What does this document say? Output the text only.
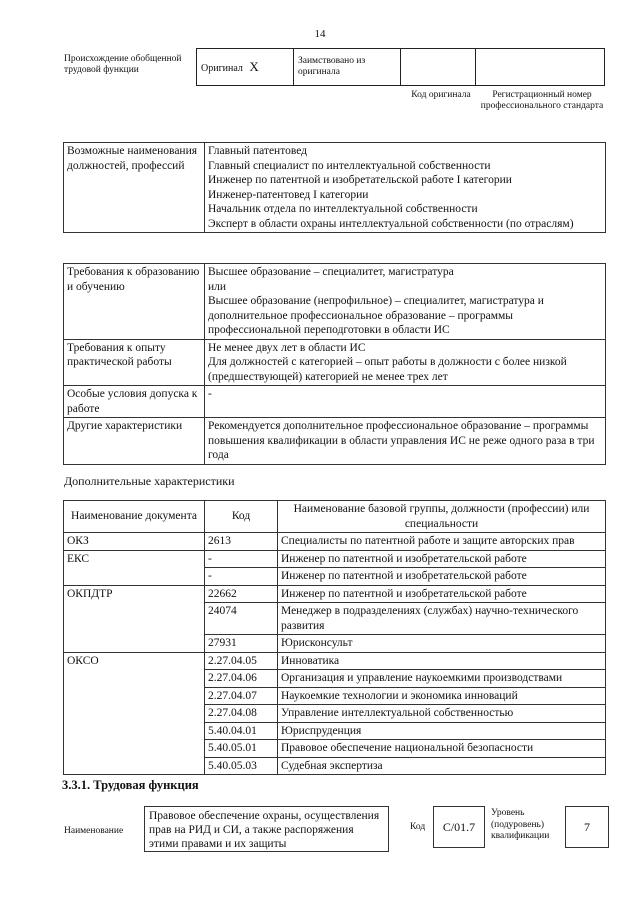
14
Происхождение обобщенной трудовой функции	Оригинал X	Заимствовано из оригинала		
Код оригинала	Регистрационный номер профессионального стандарта
Возможные наименования должностей, профессий	
Главный патентовед
Главный специалист по интеллектуальной собственности
Инженер по патентной и изобретательской работе I категории
Инженер-патентовед I категории
Начальник отдела по интеллектуальной собственности
Эксперт в области охраны интеллектуальной собственности (по отраслям)
Требования к образованию и обучению	Высшее образование – специалитет, магистратура
или
Высшее образование (непрофильное) – специалитет, магистратура и дополнительное профессиональное образование – программы профессиональной переподготовки в области ИС

Требования к опыту практической работы	Не менее двух лет в области ИС
Для должностей с категорией – опыт работы в должности с более низкой (предшествующей) категорией не менее трех лет

Особые условия допуска к работе	-
Другие характеристики	Рекомендуется дополнительное профессиональное образование – программы повышения квалификации в области управления ИС не реже одного раза в три года
Дополнительные характеристики
Наименование документа	Код	Наименование базовой группы, должности (профессии) или специальности
ОКЗ	2613	Специалисты по патентной работе и защите авторских прав
ЕКС	-	Инженер по патентной и изобретательской работе
	-	Инженер по патентной и изобретательской работе
ОКПДТР	22662	Инженер по патентной и изобретательской работе
	24074	Менеджер в подразделениях (службах) научно-технического развития
	27931	Юрисконсульт
ОКСО	2.27.04.05	Инноватика
	2.27.04.06	Организация и управление наукоемкими производствами
	2.27.04.07	Наукоемкие технологии и экономика инноваций
	2.27.04.08	Управление интеллектуальной собственностью
	5.40.04.01	Юриспруденция
	5.40.05.01	Правовое обеспечение национальной безопасности
	5.40.05.03	Судебная экспертиза
3.3.1. Трудовая функция
Наименование
Правовое обеспечение охраны, осуществления прав на РИД и СИ, а также распоряжения этими правами и их защиты
Код	C/01.7
Уровень (подуровень) квалификации
7
